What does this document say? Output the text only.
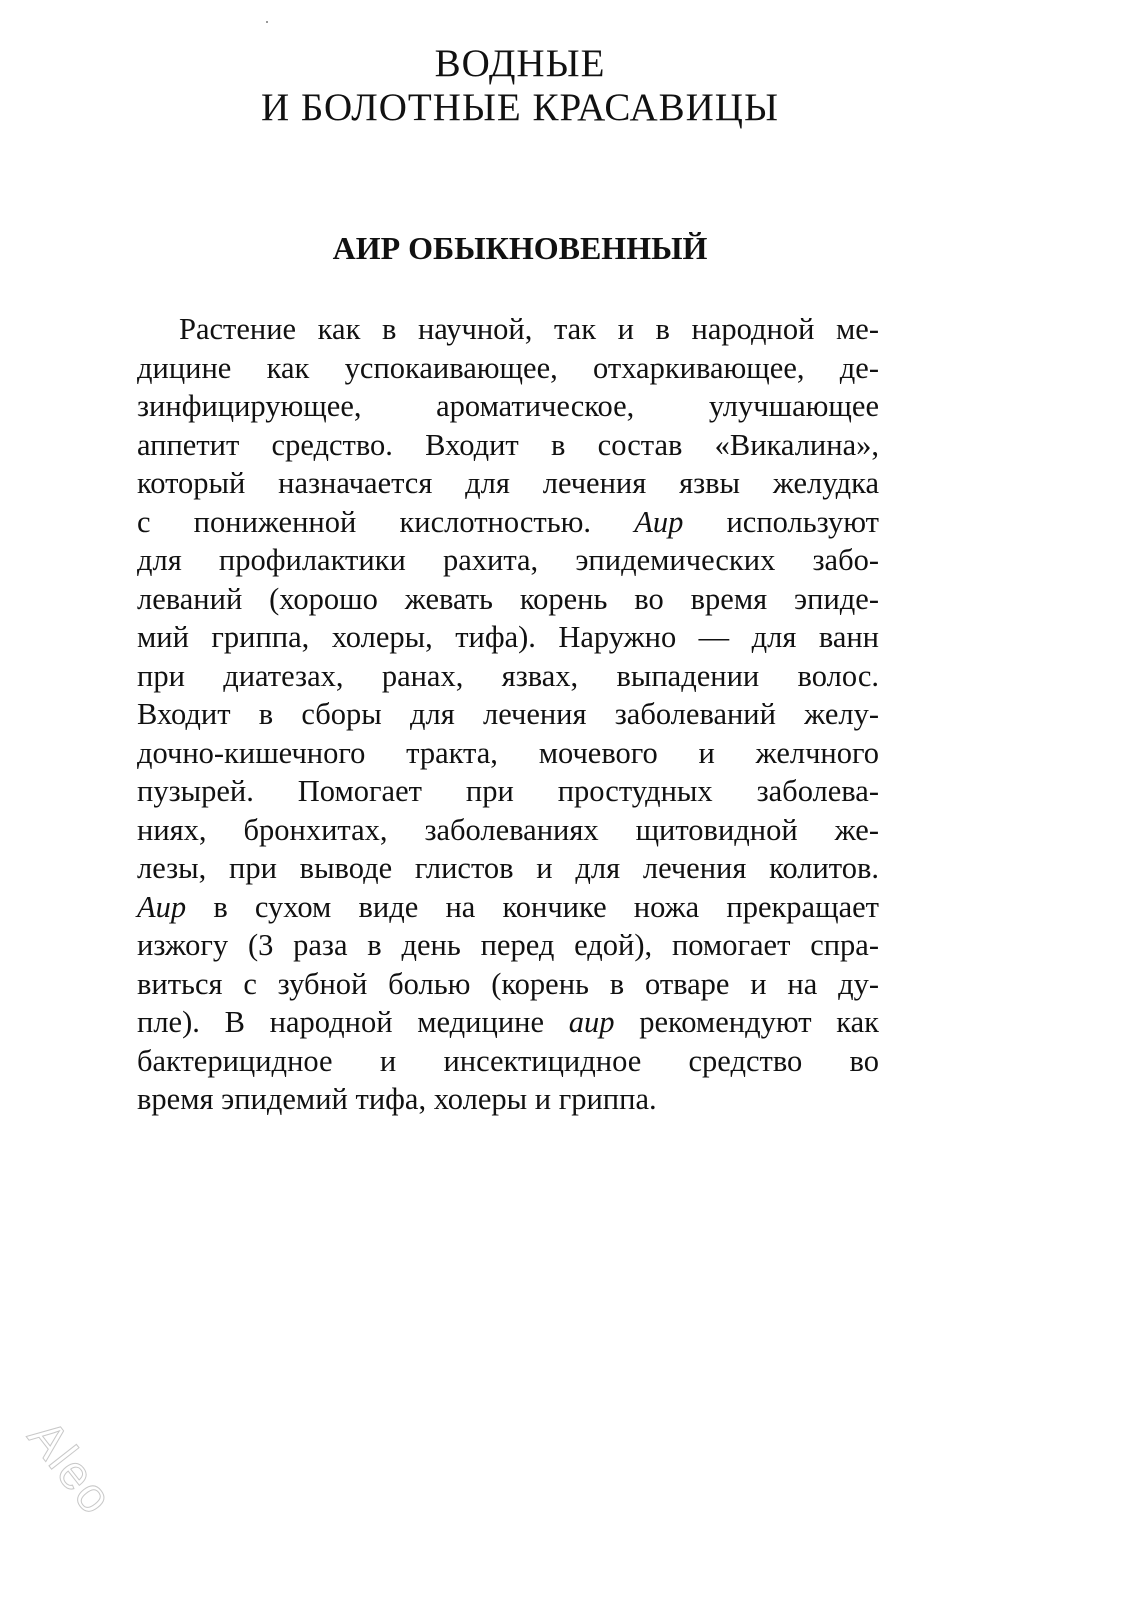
ВОДНЫЕ
И БОЛОТНЫЕ КРАСАВИЦЫ
АИР ОБЫКНОВЕННЫЙ
Растение как в научной, так и в народной ме-
дицине как успокаивающее, отхаркивающее, де-
зинфицирующее, ароматическое, улучшающее
аппетит средство. Входит в состав «Викалина»,
который назначается для лечения язвы желудка
с пониженной кислотностью. Аир используют
для профилактики рахита, эпидемических забо-
леваний (хорошо жевать корень во время эпиде-
мий гриппа, холеры, тифа). Наружно — для ванн
при диатезах, ранах, язвах, выпадении волос.
Входит в сборы для лечения заболеваний желу-
дочно-кишечного тракта, мочевого и желчного
пузырей. Помогает при простудных заболева-
ниях, бронхитах, заболеваниях щитовидной же-
лезы, при выводе глистов и для лечения колитов.
Аир в сухом виде на кончике ножа прекращает
изжогу (3 раза в день перед едой), помогает спра-
виться с зубной болью (корень в отваре и на ду-
пле). В народной медицине аир рекомендуют как
бактерицидное и инсектицидное средство во
время эпидемий тифа, холеры и гриппа.
Aleo
